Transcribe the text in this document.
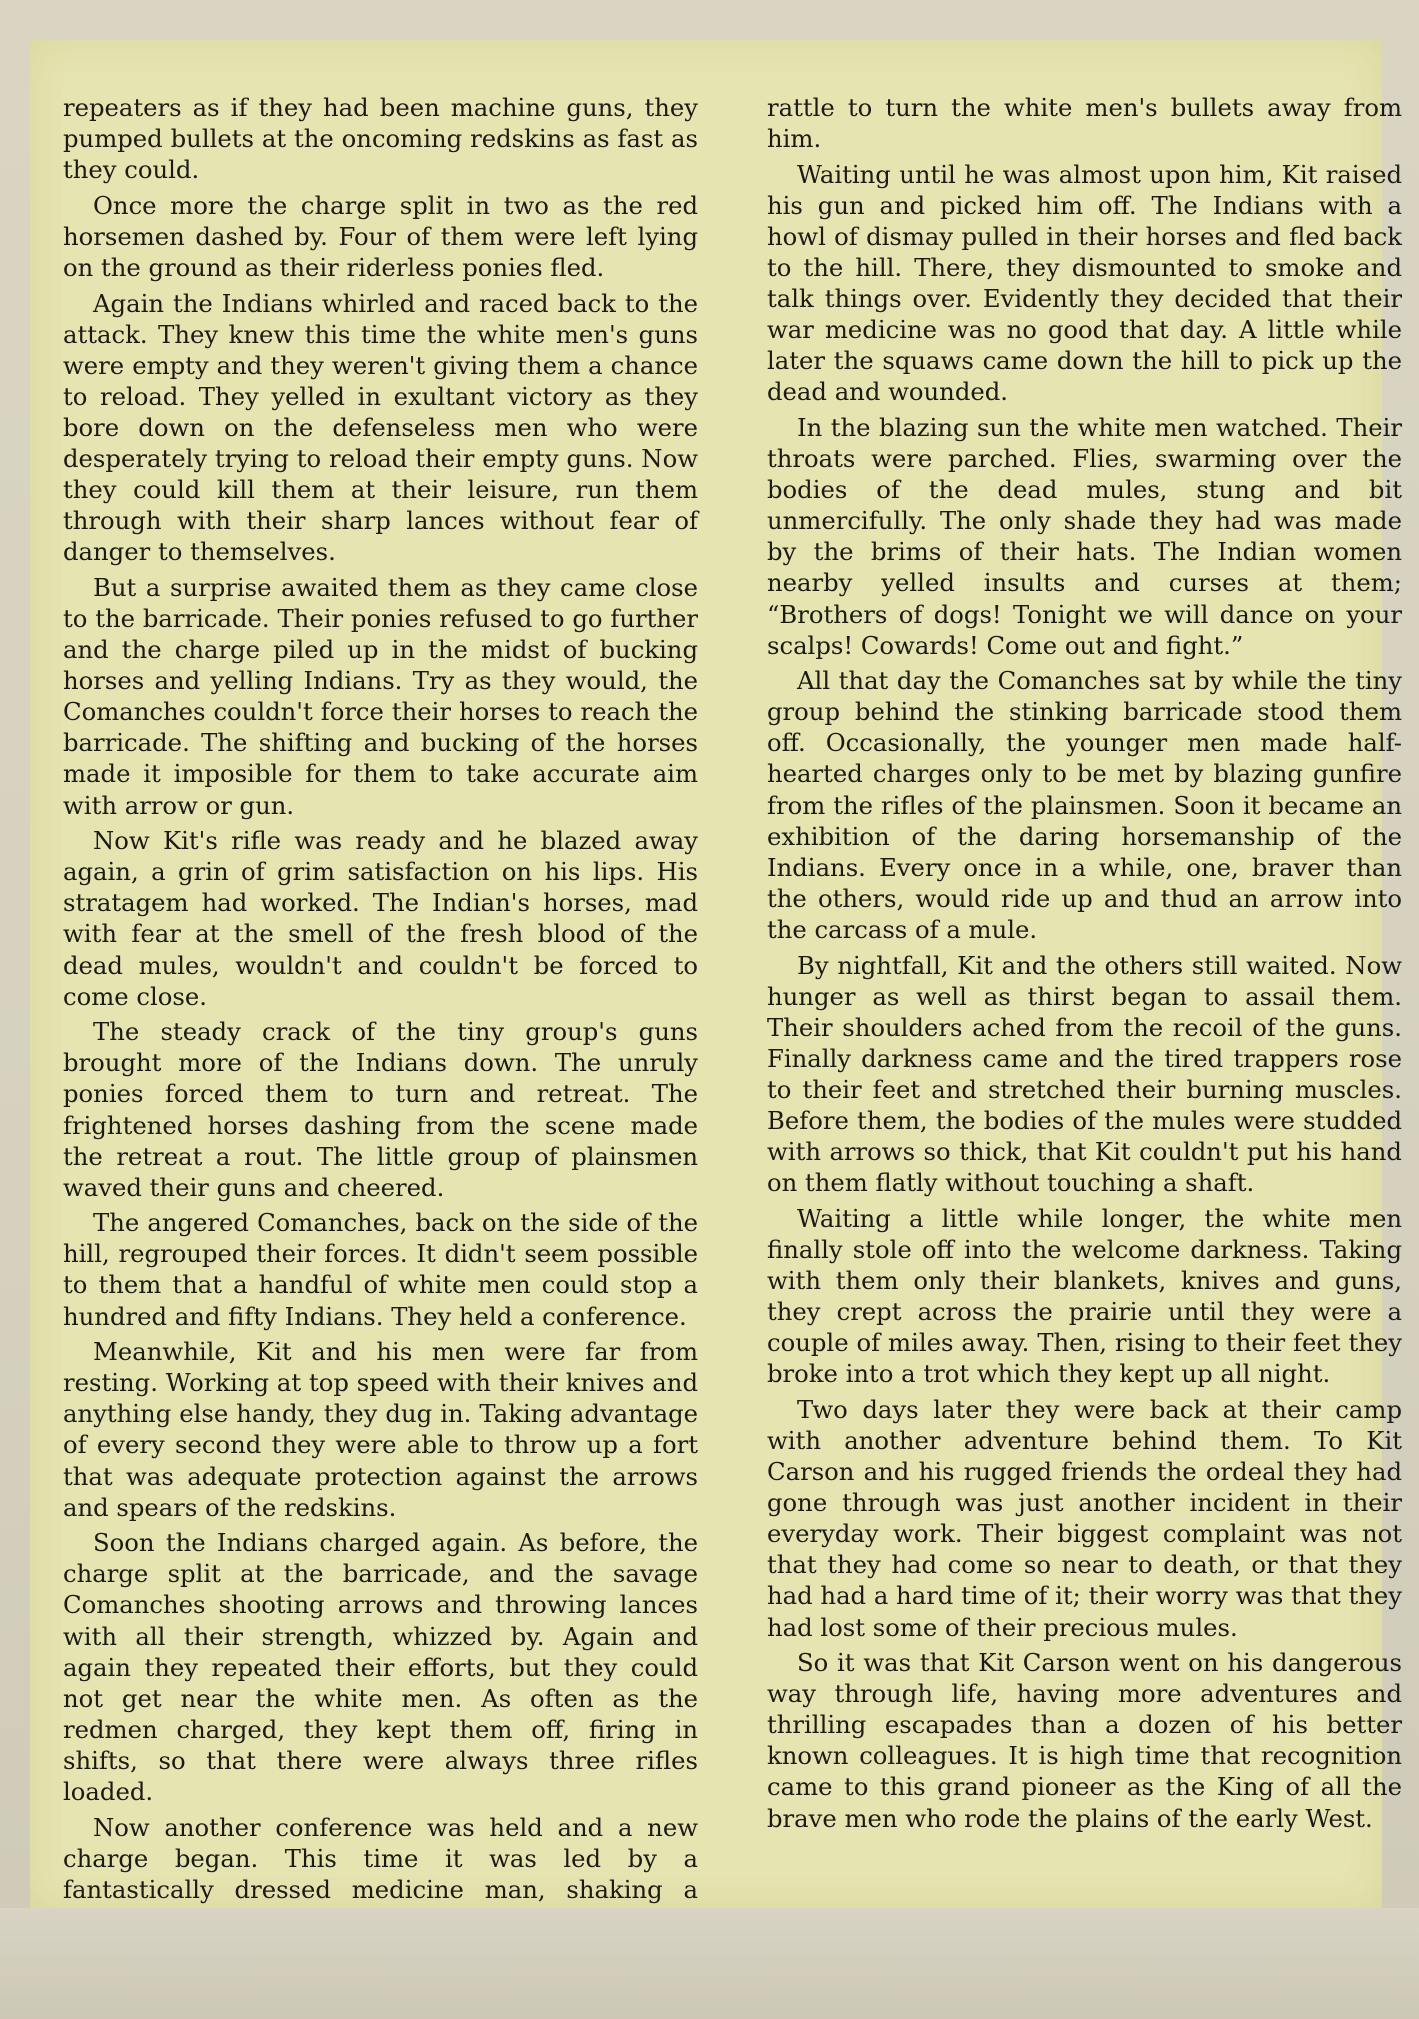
repeaters as if they had been machine guns, they pumped bullets at the oncoming redskins as fast as they could.

Once more the charge split in two as the red horsemen dashed by. Four of them were left lying on the ground as their riderless ponies fled.

Again the Indians whirled and raced back to the attack. They knew this time the white men's guns were empty and they weren't giving them a chance to reload. They yelled in exultant victory as they bore down on the defenseless men who were desperately trying to reload their empty guns. Now they could kill them at their leisure, run them through with their sharp lances without fear of danger to themselves.

But a surprise awaited them as they came close to the barricade. Their ponies refused to go further and the charge piled up in the midst of bucking horses and yelling Indians. Try as they would, the Comanches couldn't force their horses to reach the barricade. The shifting and bucking of the horses made it imposible for them to take accurate aim with arrow or gun.

Now Kit's rifle was ready and he blazed away again, a grin of grim satisfaction on his lips. His stratagem had worked. The Indian's horses, mad with fear at the smell of the fresh blood of the dead mules, wouldn't and couldn't be forced to come close.

The steady crack of the tiny group's guns brought more of the Indians down. The unruly ponies forced them to turn and retreat. The frightened horses dashing from the scene made the retreat a rout. The little group of plainsmen waved their guns and cheered.

The angered Comanches, back on the side of the hill, regrouped their forces. It didn't seem possible to them that a handful of white men could stop a hundred and fifty Indians. They held a conference.

Meanwhile, Kit and his men were far from resting. Working at top speed with their knives and anything else handy, they dug in. Taking advantage of every second they were able to throw up a fort that was adequate protection against the arrows and spears of the redskins.

Soon the Indians charged again. As before, the charge split at the barricade, and the savage Comanches shooting arrows and throwing lances with all their strength, whizzed by. Again and again they repeated their efforts, but they could not get near the white men. As often as the redmen charged, they kept them off, firing in shifts, so that there were always three rifles loaded.

Now another conference was held and a new charge began. This time it was led by a fantastically dressed medicine man, shaking a

rattle to turn the white men's bullets away from him.

Waiting until he was almost upon him, Kit raised his gun and picked him off. The Indians with a howl of dismay pulled in their horses and fled back to the hill. There, they dismounted to smoke and talk things over. Evidently they decided that their war medicine was no good that day. A little while later the squaws came down the hill to pick up the dead and wounded.

In the blazing sun the white men watched. Their throats were parched. Flies, swarming over the bodies of the dead mules, stung and bit unmercifully. The only shade they had was made by the brims of their hats. The Indian women nearby yelled insults and curses at them; “Brothers of dogs! Tonight we will dance on your scalps! Cowards! Come out and fight.”

All that day the Comanches sat by while the tiny group behind the stinking barricade stood them off. Occasionally, the younger men made half-hearted charges only to be met by blazing gunfire from the rifles of the plainsmen. Soon it became an exhibition of the daring horsemanship of the Indians. Every once in a while, one, braver than the others, would ride up and thud an arrow into the carcass of a mule.

By nightfall, Kit and the others still waited. Now hunger as well as thirst began to assail them. Their shoulders ached from the recoil of the guns. Finally darkness came and the tired trappers rose to their feet and stretched their burning muscles. Before them, the bodies of the mules were studded with arrows so thick, that Kit couldn't put his hand on them flatly without touching a shaft.

Waiting a little while longer, the white men finally stole off into the welcome darkness. Taking with them only their blankets, knives and guns, they crept across the prairie until they were a couple of miles away. Then, rising to their feet they broke into a trot which they kept up all night.

Two days later they were back at their camp with another adventure behind them. To Kit Carson and his rugged friends the ordeal they had gone through was just another incident in their everyday work. Their biggest complaint was not that they had come so near to death, or that they had had a hard time of it; their worry was that they had lost some of their precious mules.

So it was that Kit Carson went on his dangerous way through life, having more adventures and thrilling escapades than a dozen of his better known colleagues. It is high time that recognition came to this grand pioneer as the King of all the brave men who rode the plains of the early West.
